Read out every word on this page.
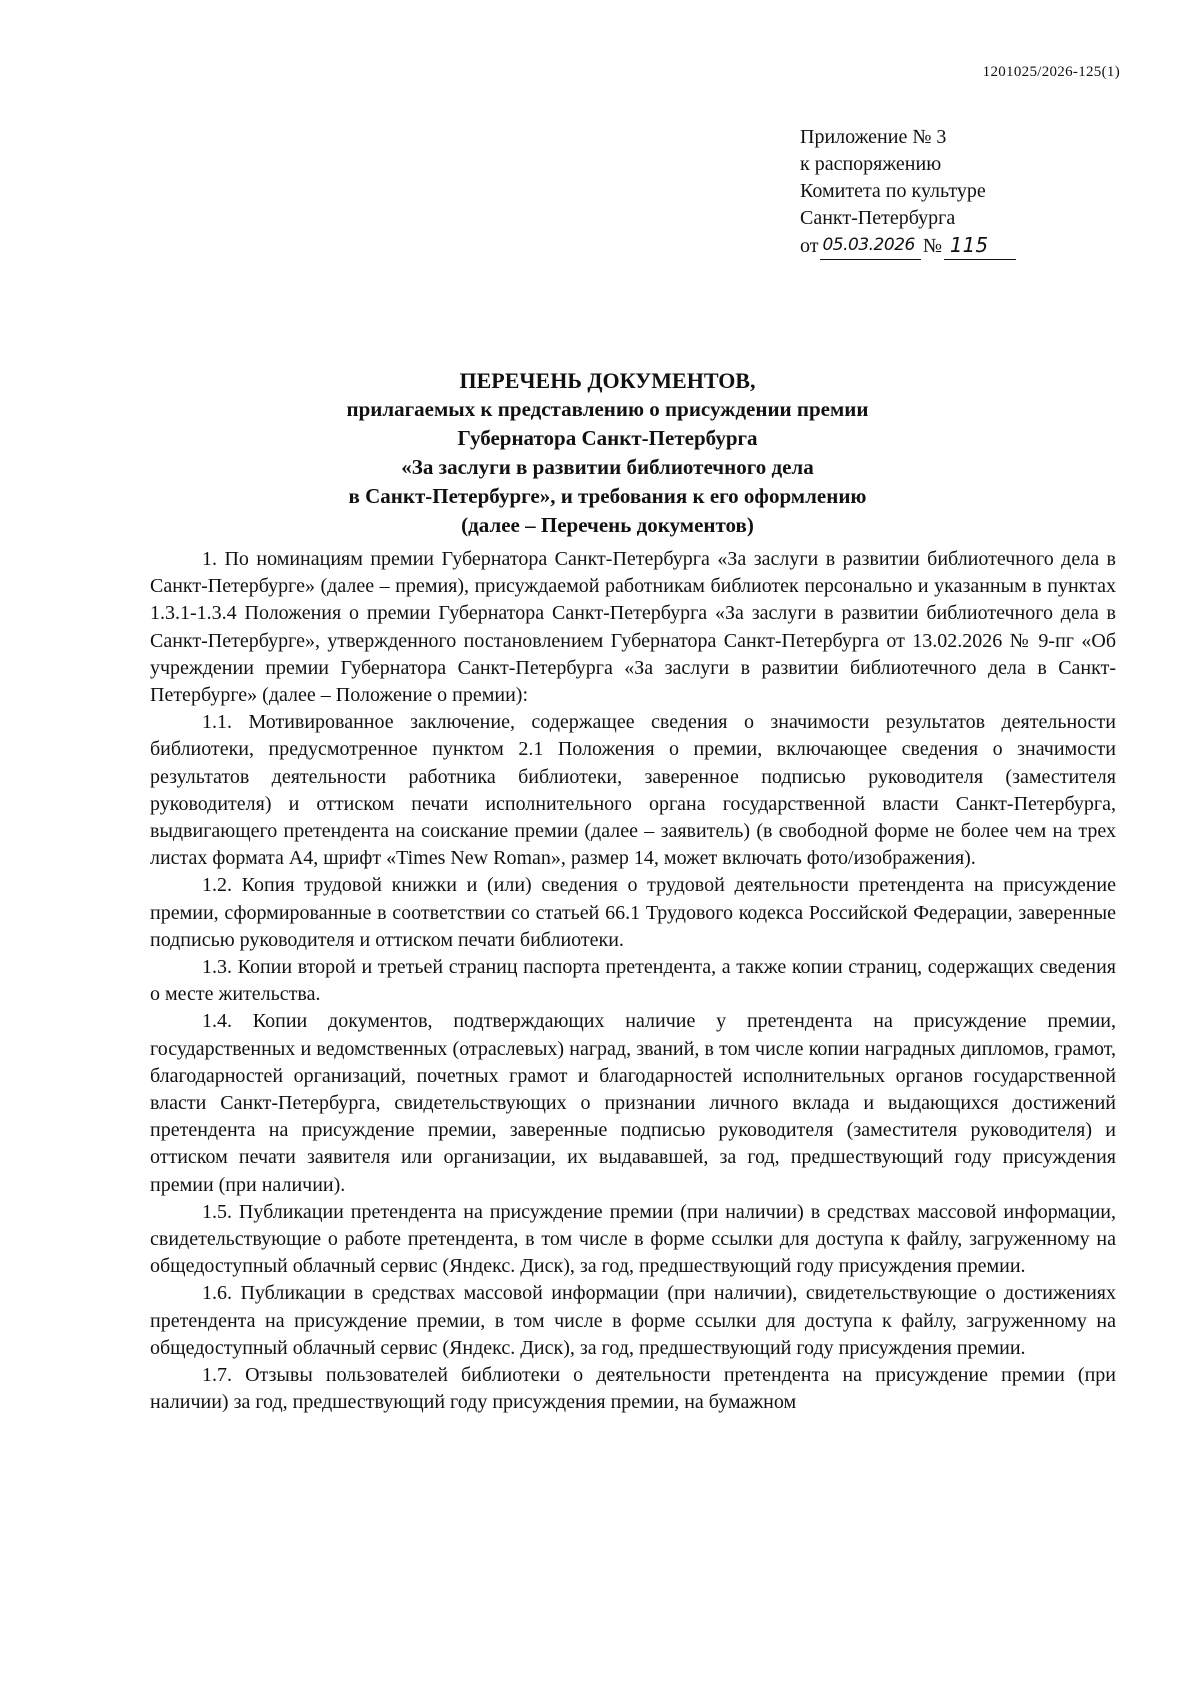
1201025/2026-125(1)
Приложение № 3
к распоряжению
Комитета по культуре
Санкт-Петербурга
от 05.03.2026 № 115
ПЕРЕЧЕНЬ ДОКУМЕНТОВ,
прилагаемых к представлению о присуждении премии
Губернатора Санкт-Петербурга
«За заслуги в развитии библиотечного дела
в Санкт-Петербурге», и требования к его оформлению
(далее – Перечень документов)

1. По номинациям премии Губернатора Санкт-Петербурга «За заслуги в развитии библиотечного дела в Санкт-Петербурге» (далее – премия), присуждаемой работникам библиотек персонально и указанным в пунктах 1.3.1-1.3.4 Положения о премии Губернатора Санкт-Петербурга «За заслуги в развитии библиотечного дела в Санкт-Петербурге», утвержденного постановлением Губернатора Санкт-Петербурга от 13.02.2026 № 9-пг «Об учреждении премии Губернатора Санкт-Петербурга «За заслуги в развитии библиотечного дела в Санкт-Петербурге» (далее – Положение о премии):

1.1. Мотивированное заключение, содержащее сведения о значимости результатов деятельности библиотеки, предусмотренное пунктом 2.1 Положения о премии, включающее сведения о значимости результатов деятельности работника библиотеки, заверенное подписью руководителя (заместителя руководителя) и оттиском печати исполнительного органа государственной власти Санкт-Петербурга, выдвигающего претендента на соискание премии (далее – заявитель) (в свободной форме не более чем на трех листах формата А4, шрифт «Times New Roman», размер 14, может включать фото/изображения).

1.2. Копия трудовой книжки и (или) сведения о трудовой деятельности претендента на присуждение премии, сформированные в соответствии со статьей 66.1 Трудового кодекса Российской Федерации, заверенные подписью руководителя и оттиском печати библиотеки.

1.3. Копии второй и третьей страниц паспорта претендента, а также копии страниц, содержащих сведения о месте жительства.

1.4. Копии документов, подтверждающих наличие у претендента на присуждение премии, государственных и ведомственных (отраслевых) наград, званий, в том числе копии наградных дипломов, грамот, благодарностей организаций, почетных грамот и благодарностей исполнительных органов государственной власти Санкт-Петербурга, свидетельствующих о признании личного вклада и выдающихся достижений претендента на присуждение премии, заверенные подписью руководителя (заместителя руководителя) и оттиском печати заявителя или организации, их выдававшей, за год, предшествующий году присуждения премии (при наличии).

1.5. Публикации претендента на присуждение премии (при наличии) в средствах массовой информации, свидетельствующие о работе претендента, в том числе в форме ссылки для доступа к файлу, загруженному на общедоступный облачный сервис (Яндекс. Диск), за год, предшествующий году присуждения премии.

1.6. Публикации в средствах массовой информации (при наличии), свидетельствующие о достижениях претендента на присуждение премии, в том числе в форме ссылки для доступа к файлу, загруженному на общедоступный облачный сервис (Яндекс. Диск), за год, предшествующий году присуждения премии.

1.7. Отзывы пользователей библиотеки о деятельности претендента на присуждение премии (при наличии) за год, предшествующий году присуждения премии, на бумажном
